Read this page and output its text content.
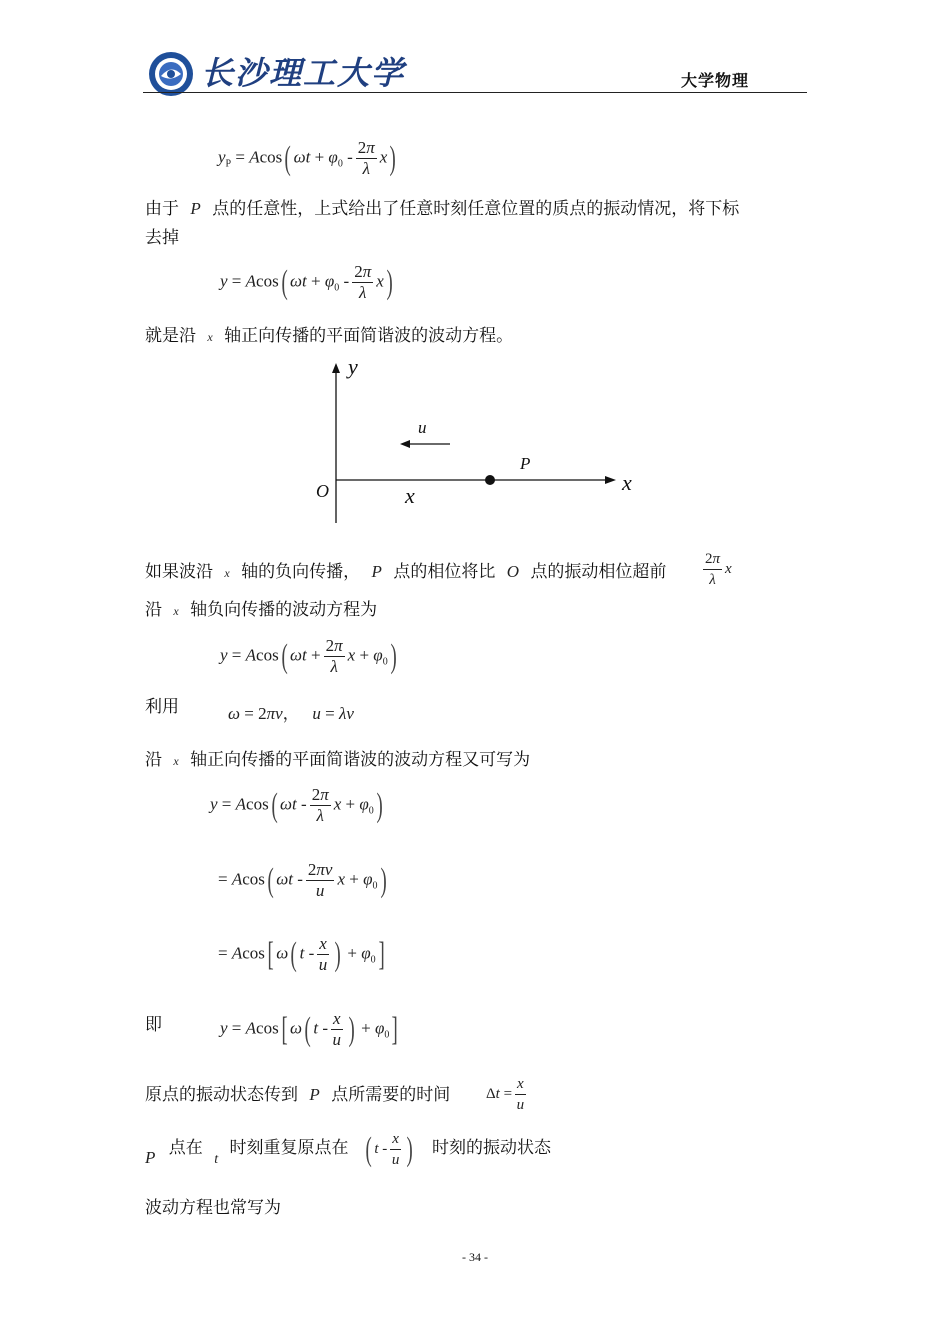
长沙理工大学	大学物理
$y_P = Acos$( $\omega t + \varphi_0 - \frac{2\pi}{\lambda} x$)
由于 P 点的任意性，上式给出了任意时刻任意位置的质点的振动情况，将下标
去掉
y = Acos( $\omega t + \varphi_0 - \frac{2\pi}{\lambda} x$)
就是沿 x 轴正向传播的平面简谐波的波动方程。
y
x
O	x
u
P
如果波沿 x 轴的负向传播， P 点的相位将比 O 点的振动相位超前 $\frac{2\pi}{\lambda}$ x
沿 x 轴负向传播的波动方程为
y = Acos( $\omega t + \frac{2\pi}{\lambda}$ $x + \varphi_0$)
利用	ω = 2πν，   u = λν
沿 x 轴正向传播的平面简谐波的波动方程又可写为
y = Acos( ωt - $\frac{2\pi}{\lambda}$ $x + \varphi_0$)
= Acos( ωt - $\frac{2\pi\nu}{u}$ $x + \varphi_0$)
= Acos[ ω( t - $\frac{x}{u}$ ) + $\varphi_0$]
即	y = Acos[ ω( t - $\frac{x}{u}$ ) + $\varphi_0$]
原点的振动状态传到 P 点所需要的时间 $\Delta t = \frac{x}{u}$
P 点在 $_t$ 时刻重复原点在 ( t - $\frac{x}{u}$ ) 时刻的振动状态
波动方程也常写为
- 34 -
